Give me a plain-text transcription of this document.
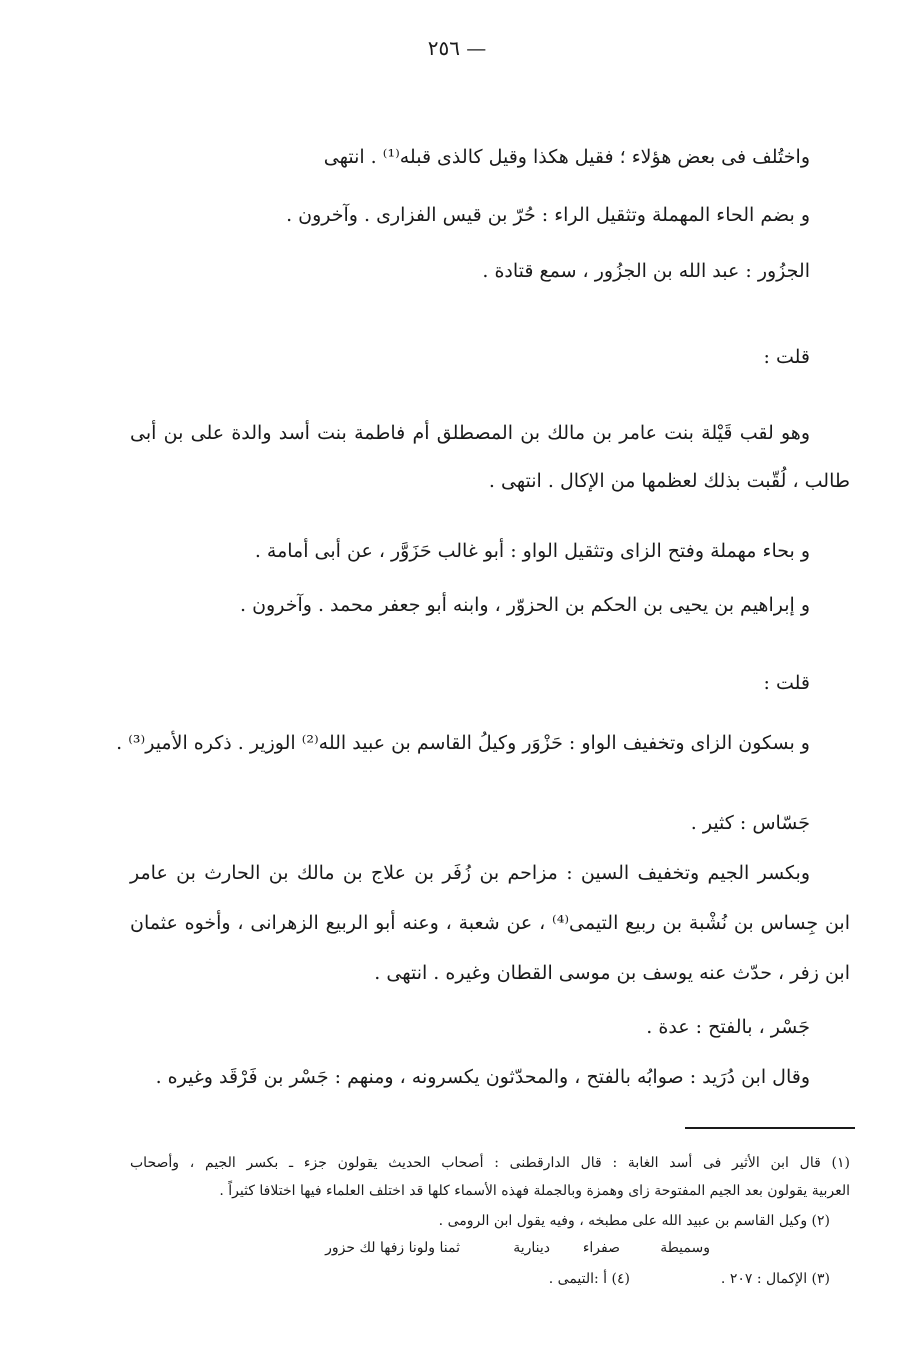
— ٢٥٦
واختُلف فى بعض هؤلاء ؛ فقيل هكذا وقيل كالذى قبله⁽¹⁾ . انتهى
و بضم الحاء المهملة وتثقيل الراء : حُرّ بن قيس الفزارى . وآخرون .
الجزُور : عبد الله بن الجزُور ، سمع قتادة .
قلت :
وهو لقب قَيْلة بنت عامر بن مالك بن المصطلق أم فاطمة بنت أسد والدة على بن أبى
طالب ، لُقّبت بذلك لعظمها من الإكال . انتهى .
و بحاء مهملة وفتح الزاى وتثقيل الواو : أبو غالب حَزَوَّر ، عن أبى أمامة .
و إبراهيم بن يحيى بن الحكم بن الحزوّر ، وابنه أبو جعفر محمد . وآخرون .
قلت :
و بسكون الزاى وتخفيف الواو : حَزْوَر وكيلُ القاسم بن عبيد الله⁽²⁾ الوزير . ذكره الأمير⁽³⁾ .
جَسّاس : كثير .
وبكسر الجيم وتخفيف السين : مزاحم بن زُفَر بن علاج بن مالك بن الحارث بن عامر
ابن جِساس بن نُشْبة بن ربيع التيمى⁽⁴⁾ ، عن شعبة ، وعنه أبو الربيع الزهرانى ، وأخوه عثمان
ابن زفر ، حدّث عنه يوسف بن موسى القطان وغيره . انتهى .
جَسْر ، بالفتح : عدة .
وقال ابن دُرَيد : صوابُه بالفتح ، والمحدّثون يكسرونه ، ومنهم : جَسْر بن فَرْقَد وغيره .
(١) قال ابن الأثير فى أسد الغابة : قال الدارقطنى : أصحاب الحديث يقولون جزء ـ بكسر الجيم ، وأصحاب
العربية يقولون بعد الجيم المفتوحة زاى وهمزة وبالجملة فهذه الأسماء كلها قد اختلف العلماء فيها اختلافا كثيراً .
(٢) وكيل القاسم بن عبيد الله على مطبخه ، وفيه يقول ابن الرومى .
وسميطة
صفراء
دينارية
ثمنا ولونا زفها لك حزور
(٣) الإكمال : ٢٠٧ .
(٤) أ :التيمى .
